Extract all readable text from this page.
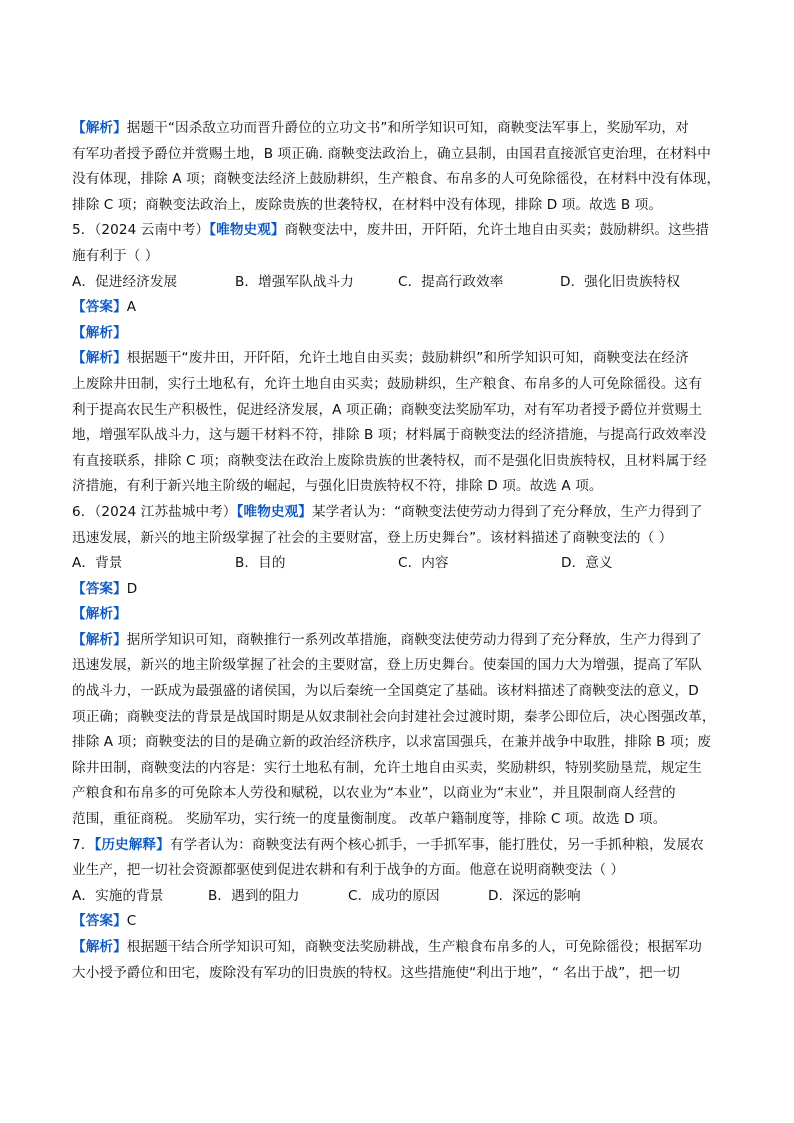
【解析】据题干“因杀敌立功而晋升爵位的立功文书”和所学知识可知，商鞅变法军事上，奖励军功，对
有军功者授予爵位并赏赐土地，B 项正确. 商鞅变法政治上，确立县制，由国君直接派官吏治理，在材料中
没有体现，排除 A 项；商鞅变法经济上鼓励耕织，生产粮食、布帛多的人可免除徭役，在材料中没有体现，
排除 C 项；商鞅变法政治上，废除贵族的世袭特权，在材料中没有体现，排除 D 项。故选 B 项。
5．（2024 云南中考）【唯物史观】商鞅变法中，废井田，开阡陌，允许土地自由买卖；鼓励耕织。这些措
施有利于（ ）
A．促进经济发展	B．增强军队战斗力	C．提高行政效率	D．强化旧贵族特权
【答案】A
【解析】
【解析】根据题干“废井田，开阡陌，允许土地自由买卖；鼓励耕织”和所学知识可知，商鞅变法在经济
上废除井田制，实行土地私有，允许土地自由买卖；鼓励耕织，生产粮食、布帛多的人可免除徭役。这有
利于提高农民生产积极性，促进经济发展，A 项正确；商鞅变法奖励军功，对有军功者授予爵位并赏赐土
地，增强军队战斗力，这与题干材料不符，排除 B 项；材料属于商鞅变法的经济措施，与提高行政效率没
有直接联系，排除 C 项；商鞅变法在政治上废除贵族的世袭特权，而不是强化旧贵族特权，且材料属于经
济措施，有利于新兴地主阶级的崛起，与强化旧贵族特权不符，排除 D 项。故选 A 项。
6．（2024 江苏盐城中考）【唯物史观】某学者认为：“商鞅变法使劳动力得到了充分释放，生产力得到了
迅速发展，新兴的地主阶级掌握了社会的主要财富，登上历史舞台”。该材料描述了商鞅变法的（ ）
A．背景	B．目的	C．内容	D．意义
【答案】D
【解析】
【解析】据所学知识可知，商鞅推行一系列改革措施，商鞅变法使劳动力得到了充分释放，生产力得到了
迅速发展，新兴的地主阶级掌握了社会的主要财富，登上历史舞台。使秦国的国力大为增强，提高了军队
的战斗力，一跃成为最强盛的诸侯国，为以后秦统一全国奠定了基础。该材料描述了商鞅变法的意义，D
项正确；商鞅变法的背景是战国时期是从奴隶制社会向封建社会过渡时期，秦孝公即位后，决心图强改革，
排除 A 项；商鞅变法的目的是确立新的政治经济秩序，以求富国强兵，在兼并战争中取胜，排除 B 项；废
除井田制，商鞅变法的内容是：实行土地私有制，允许土地自由买卖，奖励耕织，特别奖励垦荒，规定生
产粮食和布帛多的可免除本人劳役和赋税，以农业为“本业”，以商业为“末业”，并且限制商人经营的
范围，重征商税。 奖励军功，实行统一的度量衡制度。 改革户籍制度等，排除 C 项。故选 D 项。
7．【历史解释】有学者认为：商鞅变法有两个核心抓手，一手抓军事，能打胜仗，另一手抓种粮，发展农
业生产，把一切社会资源都驱使到促进农耕和有利于战争的方面。他意在说明商鞅变法（ ）
A．实施的背景	B．遇到的阻力	C．成功的原因	D．深远的影响
【答案】C
【解析】根据题干结合所学知识可知，商鞅变法奖励耕战，生产粮食布帛多的人，可免除徭役；根据军功
大小授予爵位和田宅，废除没有军功的旧贵族的特权。这些措施使“利出于地”，“ 名出于战”，把一切
